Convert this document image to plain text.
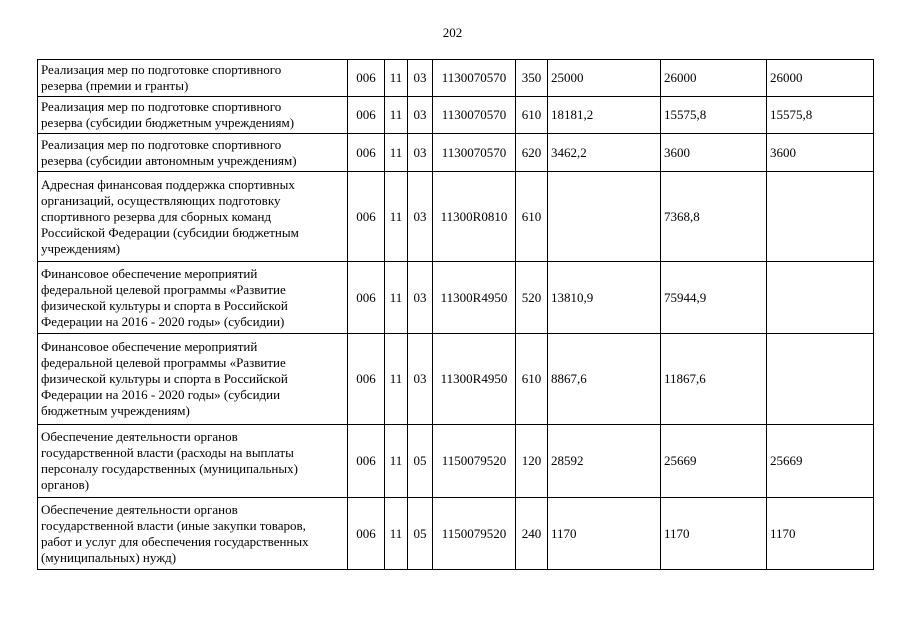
202
Реализация мер по подготовке спортивного
резерва (премии и гранты)	006	11	03	1130070570	350	25000	26000	26000
Реализация мер по подготовке спортивного
резерва (субсидии бюджетным учреждениям)	006	11	03	1130070570	610	18181,2	15575,8	15575,8
Реализация мер по подготовке спортивного
резерва (субсидии автономным учреждениям)	006	11	03	1130070570	620	3462,2	3600	3600
Адресная финансовая поддержка спортивных
организаций, осуществляющих подготовку
спортивного резерва для сборных команд
Российской Федерации (субсидии бюджетным
учреждениям)	006	11	03	11300R0810	610		7368,8	
Финансовое обеспечение мероприятий
федеральной целевой программы «Развитие
физической культуры и спорта в Российской
Федерации на 2016 - 2020 годы» (субсидии)	006	11	03	11300R4950	520	13810,9	75944,9	
Финансовое обеспечение мероприятий
федеральной целевой программы «Развитие
физической культуры и спорта в Российской
Федерации на 2016 - 2020 годы» (субсидии
бюджетным учреждениям)	006	11	03	11300R4950	610	8867,6	11867,6	
Обеспечение деятельности органов
государственной власти (расходы на выплаты
персоналу государственных (муниципальных)
органов)	006	11	05	1150079520	120	28592	25669	25669
Обеспечение деятельности органов
государственной власти (иные закупки товаров,
работ и услуг для обеспечения государственных
(муниципальных) нужд)	006	11	05	1150079520	240	1170	1170	1170
